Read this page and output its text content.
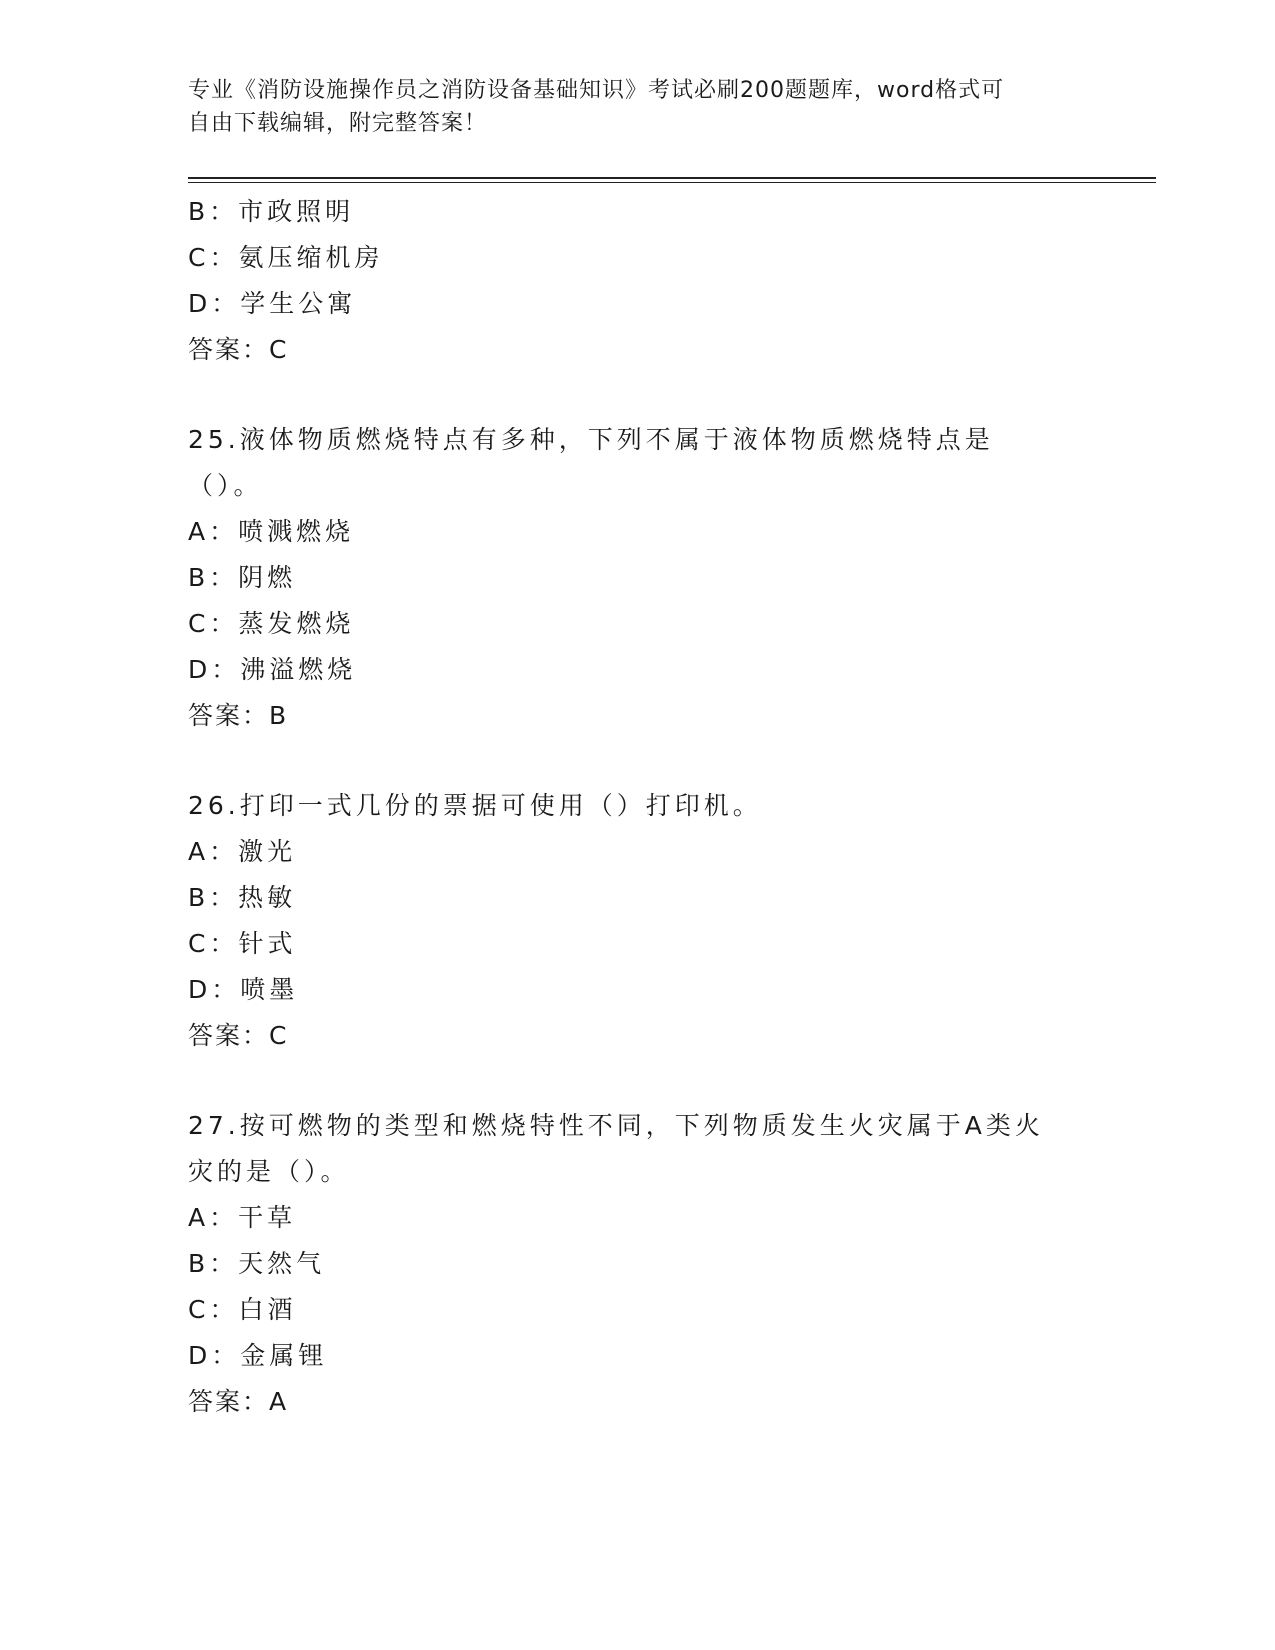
专业《消防设施操作员之消防设备基础知识》考试必刷200题题库，word格式可
自由下载编辑，附完整答案！
B：市政照明
C：氨压缩机房
D：学生公寓
答案：C
25.液体物质燃烧特点有多种，下列不属于液体物质燃烧特点是（）。
A：喷溅燃烧
B：阴燃
C：蒸发燃烧
D：沸溢燃烧
答案：B
26.打印一式几份的票据可使用（）打印机。
A：激光
B：热敏
C：针式
D：喷墨
答案：C
27.按可燃物的类型和燃烧特性不同，下列物质发生火灾属于A类火灾的是（）。
A：干草
B：天然气
C：白酒
D：金属锂
答案：A
